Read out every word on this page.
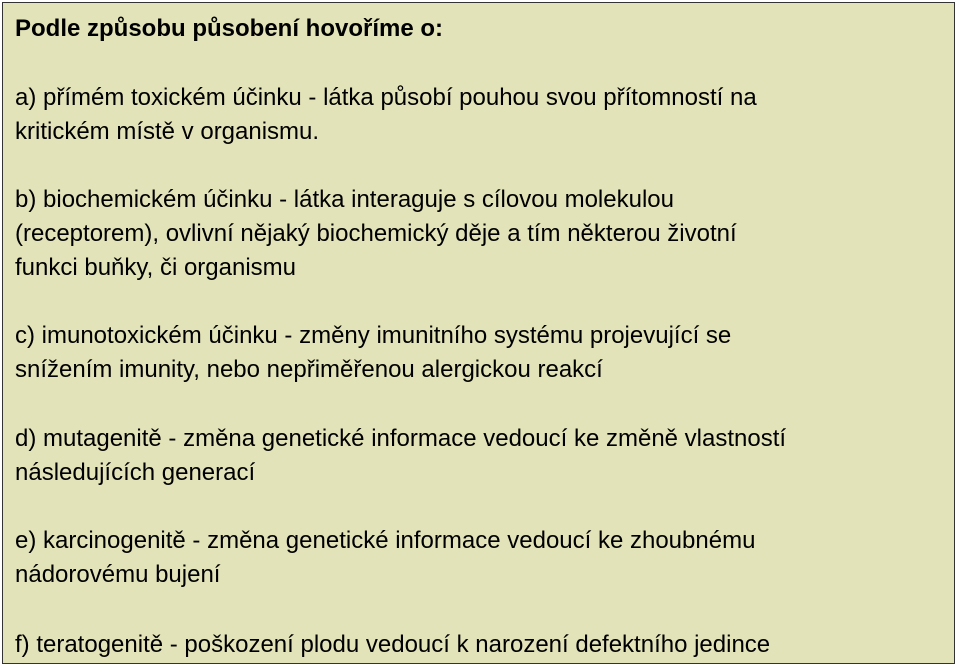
Podle způsobu působení hovoříme o:
a) přímém toxickém účinku - látka působí pouhou svou přítomností na
kritickém místě v organismu.
b) biochemickém účinku - látka interaguje s cílovou molekulou
(receptorem), ovlivní nějaký biochemický děje a tím některou životní
funkci buňky, či organismu
c) imunotoxickém účinku - změny imunitního systému projevující se
snížením imunity, nebo nepřiměřenou alergickou reakcí
d) mutagenitě - změna genetické informace vedoucí ke změně vlastností
následujících generací
e) karcinogenitě - změna genetické informace vedoucí ke zhoubnému
nádorovému bujení
f) teratogenitě - poškození plodu vedoucí k narození defektního jedince
